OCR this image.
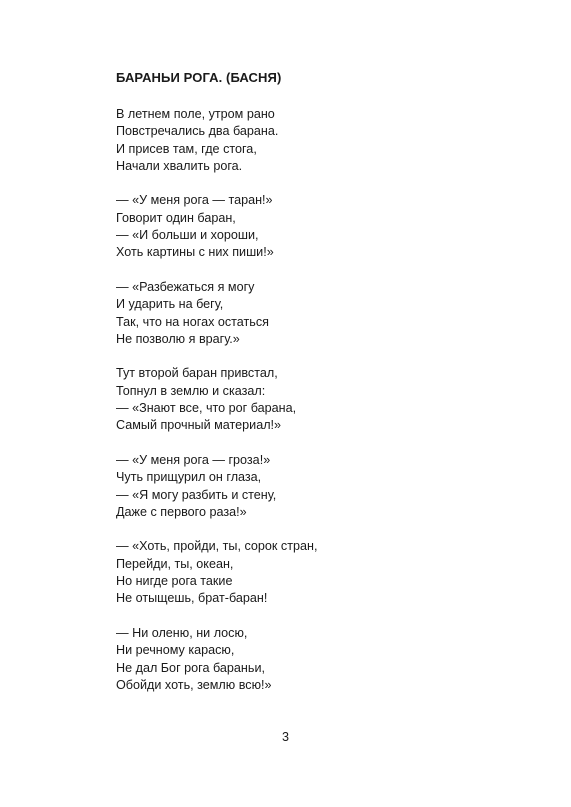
БАРАНЬИ РОГА. (БАСНЯ)
В летнем поле, утром рано
Повстречались два барана.
И присев там, где стога,
Начали хвалить рога.
— «У меня рога — таран!»
Говорит один баран,
— «И больши и хороши,
Хоть картины с них пиши!»
— «Разбежаться я могу
И ударить на бегу,
Так, что на ногах остаться
Не позволю я врагу.»
Тут второй баран привстал,
Топнул в землю и сказал:
— «Знают все, что рог барана,
Самый прочный материал!»
— «У меня рога — гроза!»
Чуть прищурил он глаза,
— «Я могу разбить и стену,
Даже с первого раза!»
— «Хоть, пройди, ты, сорок стран,
Перейди, ты, океан,
Но нигде рога такие
Не отыщешь, брат-баран!
— Ни оленю, ни лосю,
Ни речному карасю,
Не дал Бог рога бараньи,
Обойди хоть, землю всю!»
3
